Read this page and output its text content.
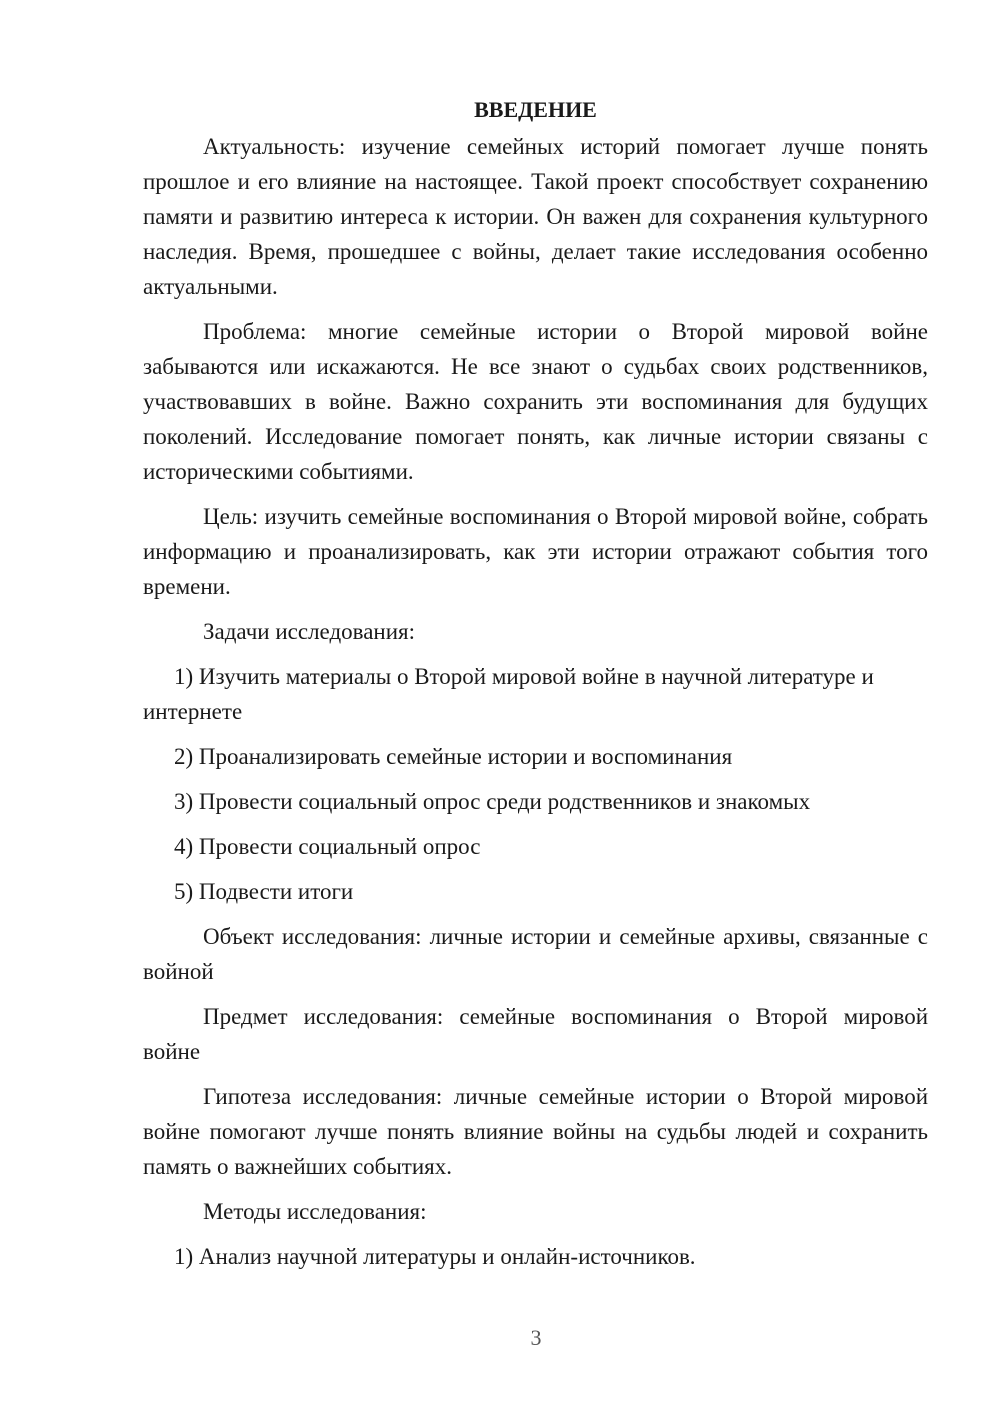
ВВЕДЕНИЕ

Актуальность: изучение семейных историй помогает лучше понять прошлое и его влияние на настоящее. Такой проект способствует сохранению памяти и развитию интереса к истории. Он важен для сохранения культурного наследия. Время, прошедшее с войны, делает такие исследования особенно актуальными.

Проблема: многие семейные истории о Второй мировой войне забываются или искажаются. Не все знают о судьбах своих родственников, участвовавших в войне. Важно сохранить эти воспоминания для будущих поколений. Исследование помогает понять, как личные истории связаны с историческими событиями.

Цель: изучить семейные воспоминания о Второй мировой войне, собрать информацию и проанализировать, как эти истории отражают события того времени.

Задачи исследования:

1) Изучить материалы о Второй мировой войне в научной литературе и интернете

2) Проанализировать семейные истории и воспоминания

3) Провести социальный опрос среди родственников и знакомых

4) Провести социальный опрос

5) Подвести итоги

Объект исследования: личные истории и семейные архивы, связанные с войной

Предмет исследования: семейные воспоминания о Второй мировой войне

Гипотеза исследования: личные семейные истории о Второй мировой войне помогают лучше понять влияние войны на судьбы людей и сохранить память о важнейших событиях.

Методы исследования:

1) Анализ научной литературы и онлайн-источников.

3
